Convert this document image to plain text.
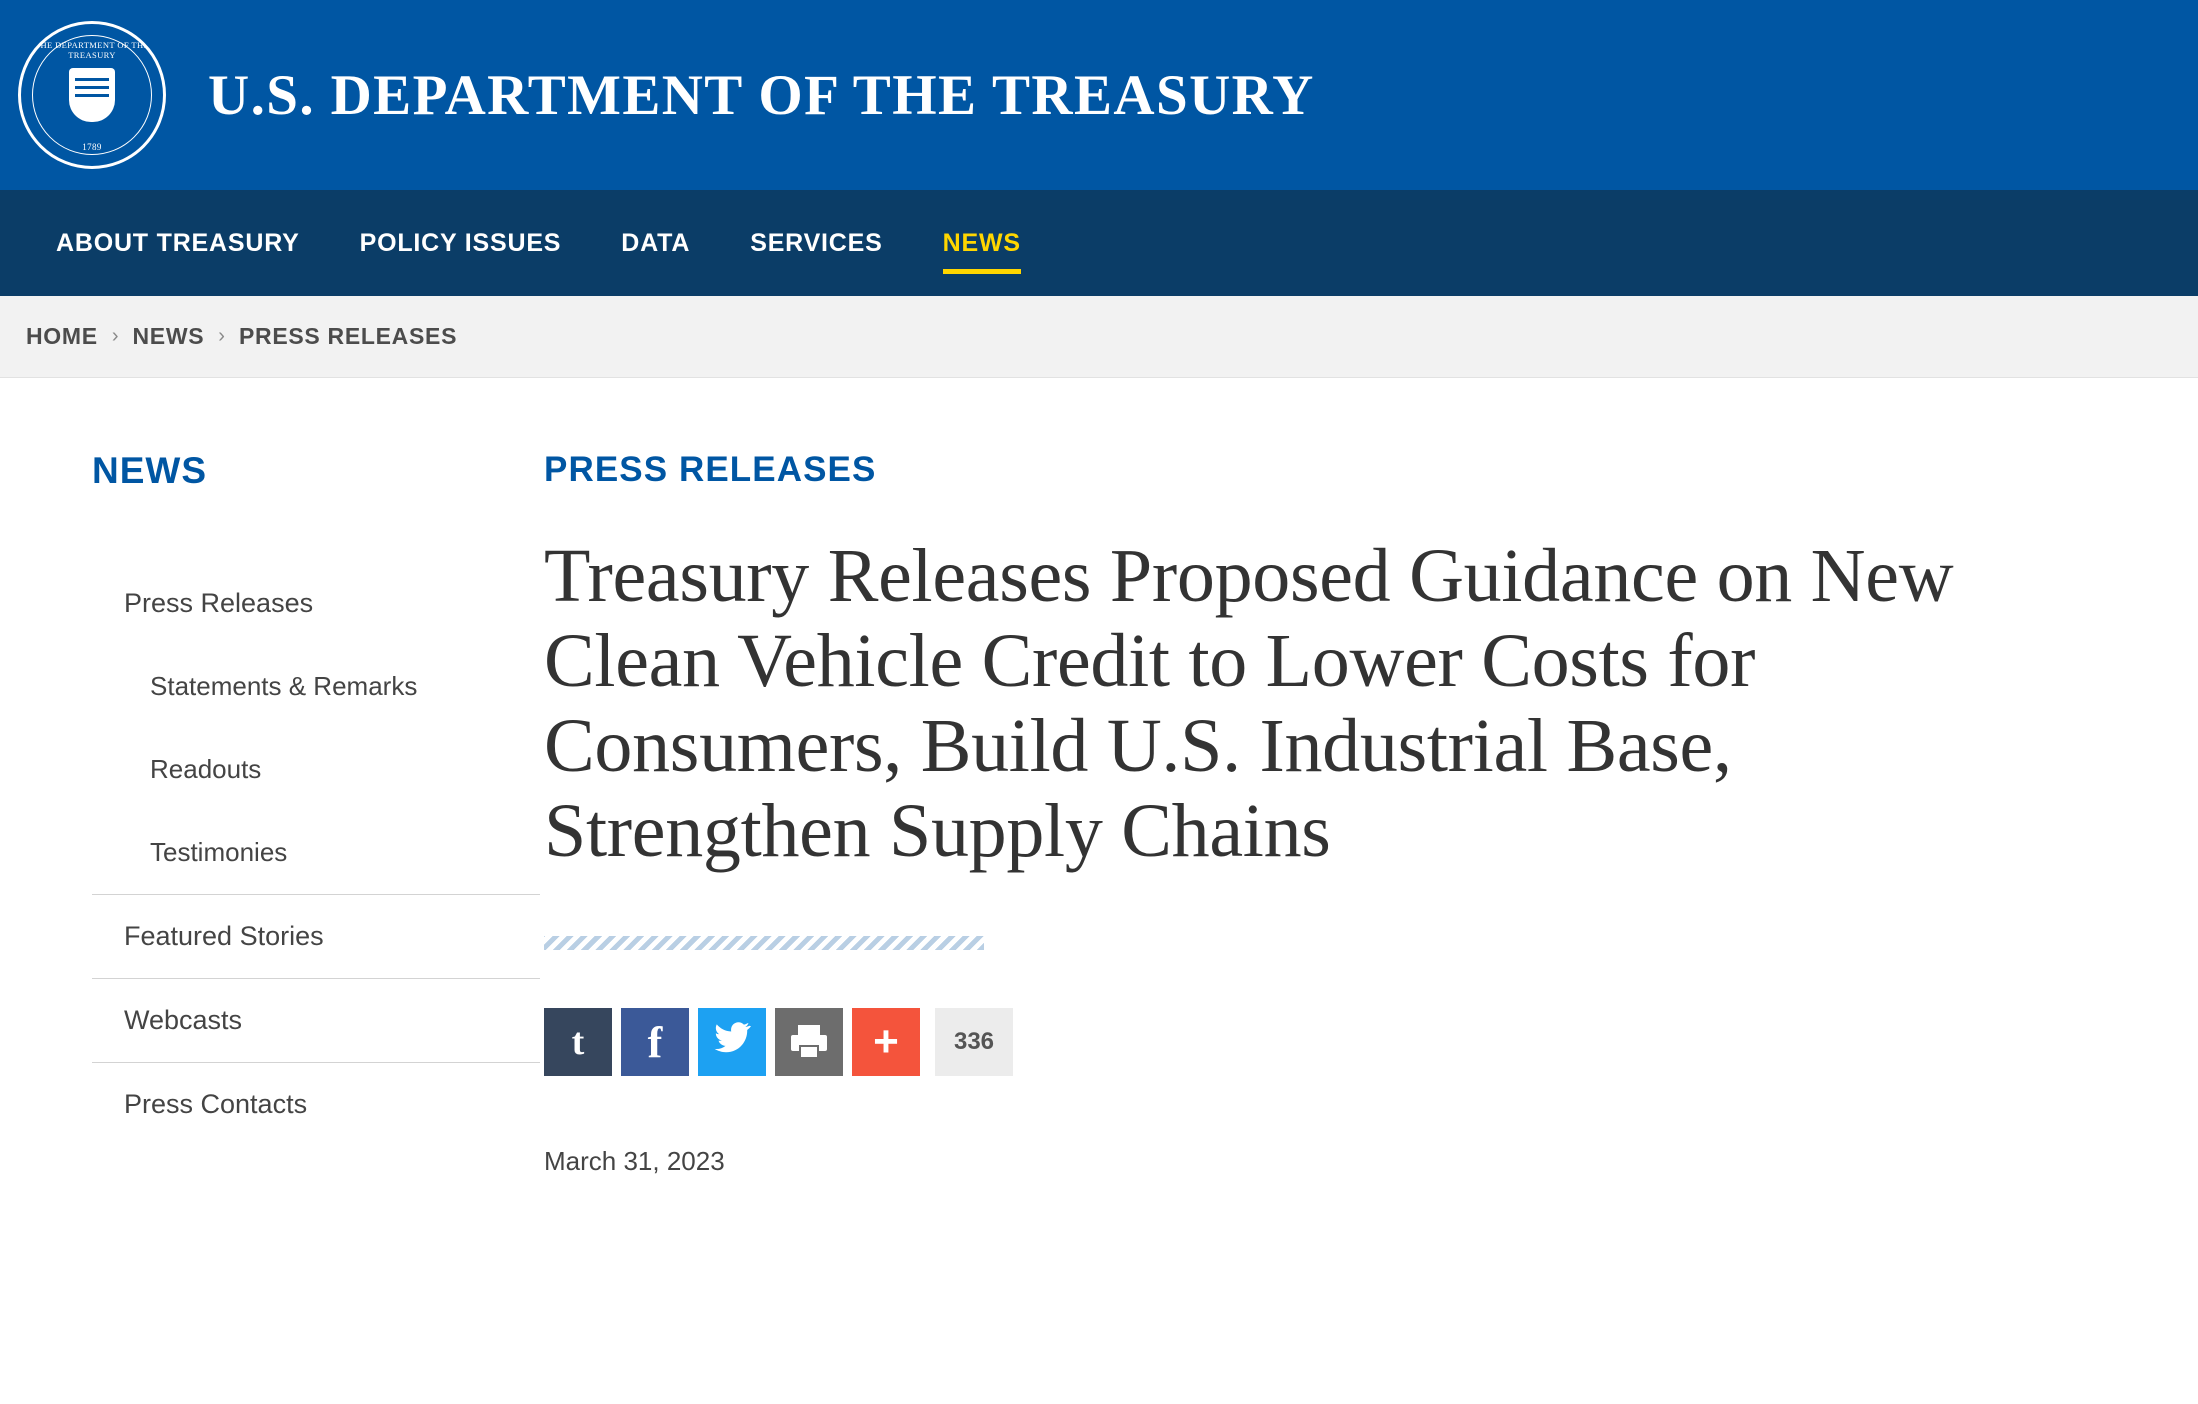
THE DEPARTMENT OF THE TREASURY
1789
U.S. DEPARTMENT OF THE TREASURY
ABOUT TREASURY	POLICY ISSUES	DATA	SERVICES	NEWS
HOME › NEWS › PRESS RELEASES
NEWS
Press Releases
Statements & Remarks
Readouts
Testimonies
Featured Stories
Webcasts
Press Contacts
PRESS RELEASES
Treasury Releases Proposed Guidance on New Clean Vehicle Credit to Lower Costs for Consumers, Build U.S. Industrial Base, Strengthen Supply Chains
t	f	+	336
March 31, 2023
